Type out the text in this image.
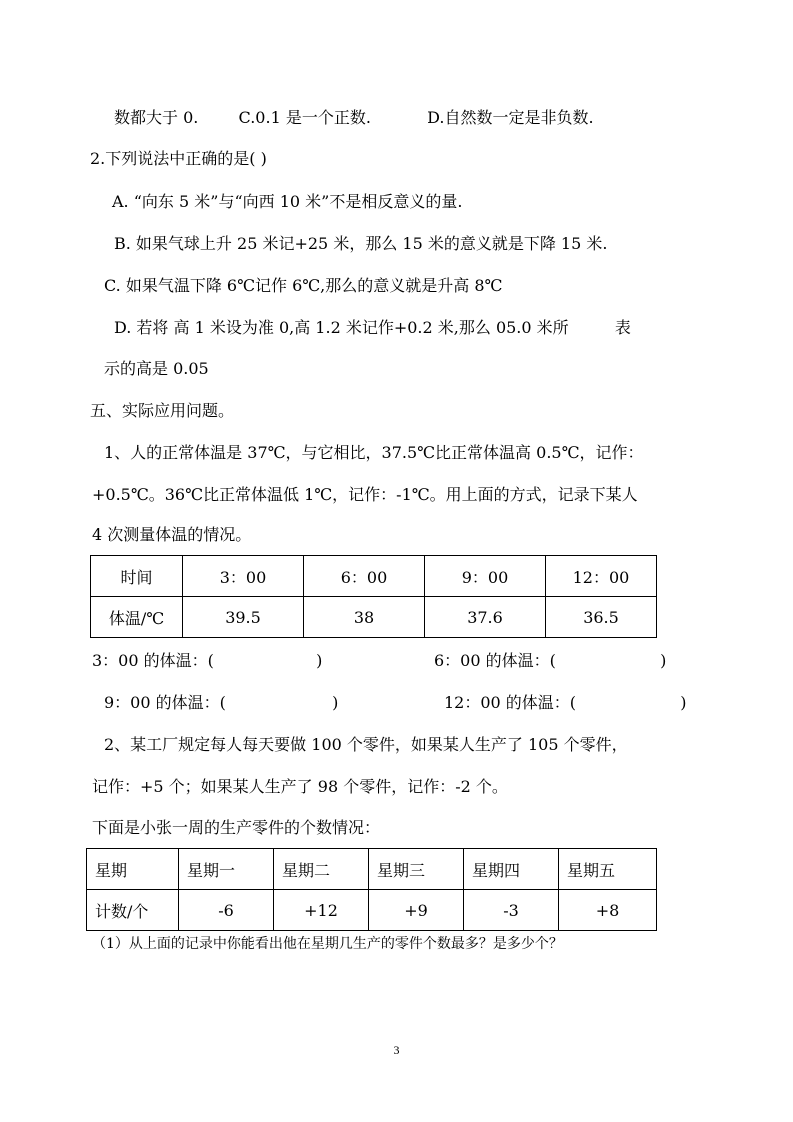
数都大于 0.	C.0.1 是一个正数.	D.自然数一定是非负数.
2.下列说法中正确的是( )
A. “向东 5 米”与“向西 10 米”不是相反意义的量.
B. 如果气球上升 25 米记+25 米，那么 15 米的意义就是下降 15 米.
C. 如果气温下降 6℃记作 6℃,那么的意义就是升高 8℃
D. 若将 高 1 米设为准 0,高 1.2 米记作+0.2 米,那么 05.0 米所	表
示的高是 0.05
五、实际应用问题。
1、人的正常体温是 37℃，与它相比，37.5℃比正常体温高 0.5℃，记作：
+0.5℃。36℃比正常体温低 1℃，记作：-1℃。用上面的方式，记录下某人
4 次测量体温的情况。
时间	3：00	6：00	9：00	12：00
体温/℃	39.5	38	37.6	36.5
3：00 的体温：(	)	6：00 的体温：(	)
9：00 的体温：(	)	12：00 的体温：(	)
2、某工厂规定每人每天要做 100 个零件，如果某人生产了 105 个零件，
记作：+5 个；如果某人生产了 98 个零件，记作：-2 个。
下面是小张一周的生产零件的个数情况：
星期	星期一	星期二	星期三	星期四	星期五
计数/个	-6	+12	+9	-3	+8
（1）从上面的记录中你能看出他在星期几生产的零件个数最多？是多少个？
3
